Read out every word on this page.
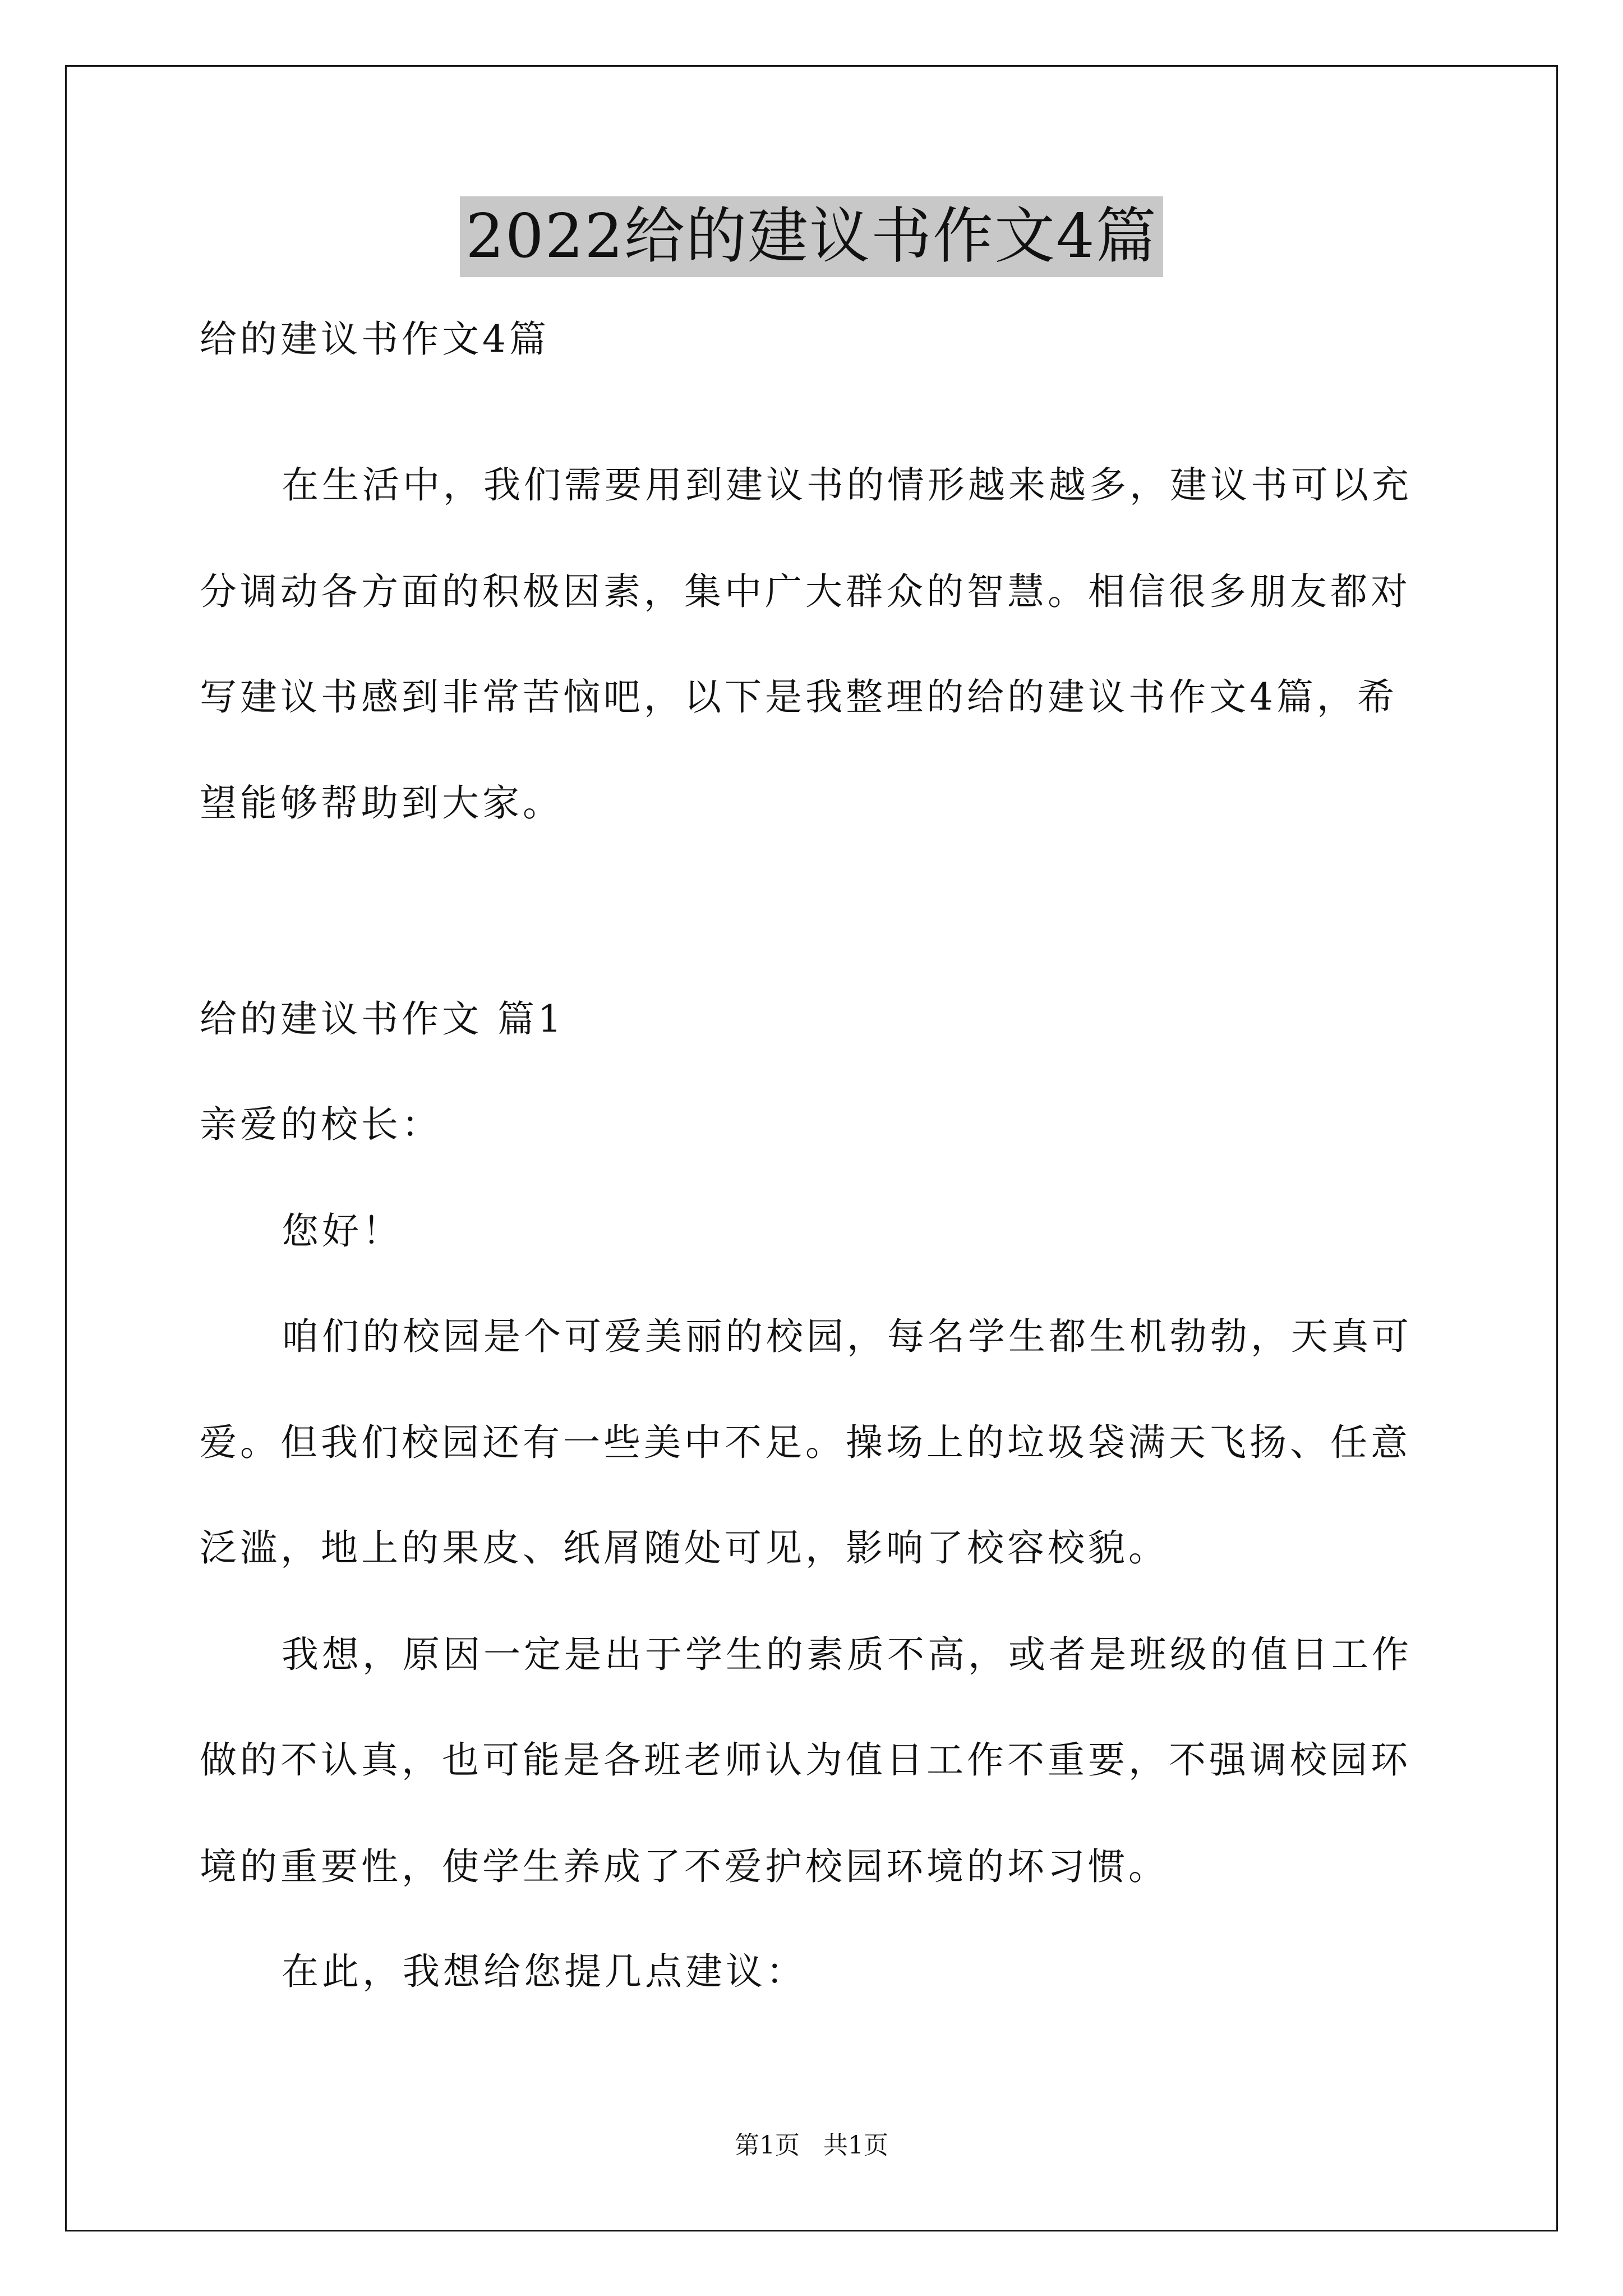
2022给的建议书作文4篇
给的建议书作文4篇
在生活中，我们需要用到建议书的情形越来越多，建议书可以充
分调动各方面的积极因素，集中广大群众的智慧。相信很多朋友都对
写建议书感到非常苦恼吧，以下是我整理的给的建议书作文4篇，希
望能够帮助到大家。
给的建议书作文 篇1
亲爱的校长：
您好！
咱们的校园是个可爱美丽的校园，每名学生都生机勃勃，天真可
爱。但我们校园还有一些美中不足。操场上的垃圾袋满天飞扬、任意
泛滥，地上的果皮、纸屑随处可见，影响了校容校貌。
我想，原因一定是出于学生的素质不高，或者是班级的值日工作
做的不认真，也可能是各班老师认为值日工作不重要，不强调校园环
境的重要性，使学生养成了不爱护校园环境的坏习惯。
在此，我想给您提几点建议：
第1页   共1页
